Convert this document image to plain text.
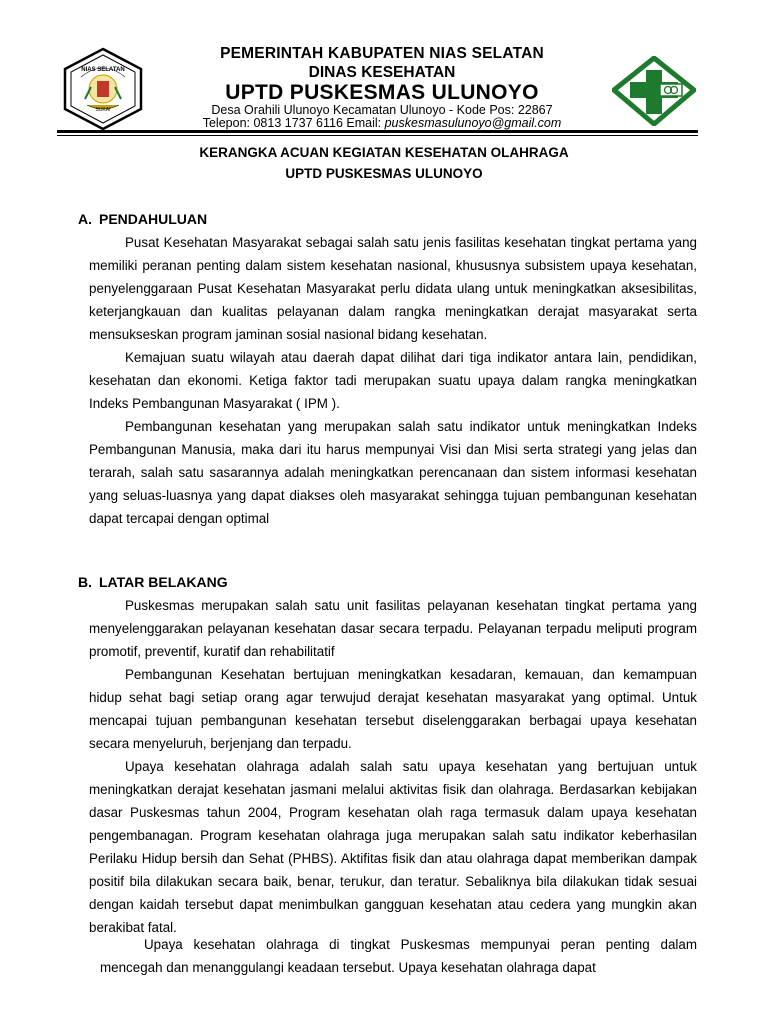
NIAS SELATAN
SUKAI
PEMERINTAH KABUPATEN NIAS SELATAN
DINAS KESEHATAN
UPTD PUSKESMAS ULUNOYO
Desa Orahili Ulunoyo Kecamatan Ulunoyo - Kode Pos: 22867
Telepon: 0813 1737 6116 Email: puskesmasulunoyo@gmail.com
KERANGKA ACUAN KEGIATAN KESEHATAN OLAHRAGA
UPTD PUSKESMAS ULUNOYO
A. PENDAHULUAN

Pusat Kesehatan Masyarakat sebagai salah satu jenis fasilitas kesehatan tingkat pertama yang memiliki peranan penting dalam sistem kesehatan nasional, khususnya subsistem upaya kesehatan, penyelenggaraan Pusat Kesehatan Masyarakat perlu didata ulang untuk meningkatkan aksesibilitas, keterjangkauan dan kualitas pelayanan dalam rangka meningkatkan derajat masyarakat serta mensukseskan program jaminan sosial nasional bidang kesehatan.

Kemajuan suatu wilayah atau daerah dapat dilihat dari tiga indikator antara lain, pendidikan, kesehatan dan ekonomi. Ketiga faktor tadi merupakan suatu upaya dalam rangka meningkatkan Indeks Pembangunan Masyarakat ( IPM ).

Pembangunan kesehatan yang merupakan salah satu indikator untuk meningkatkan Indeks Pembangunan Manusia, maka dari itu harus mempunyai Visi dan Misi serta strategi yang jelas dan terarah, salah satu sasarannya adalah meningkatkan perencanaan dan sistem informasi kesehatan yang seluas-luasnya yang dapat diakses oleh masyarakat sehingga tujuan pembangunan kesehatan dapat tercapai dengan optimal

B. LATAR BELAKANG

Puskesmas merupakan salah satu unit fasilitas pelayanan kesehatan tingkat pertama yang menyelenggarakan pelayanan kesehatan dasar secara terpadu. Pelayanan terpadu meliputi program promotif, preventif, kuratif dan rehabilitatif

Pembangunan Kesehatan bertujuan meningkatkan kesadaran, kemauan, dan kemampuan hidup sehat bagi setiap orang agar terwujud derajat kesehatan masyarakat yang optimal. Untuk mencapai tujuan pembangunan kesehatan tersebut diselenggarakan berbagai upaya kesehatan secara menyeluruh, berjenjang dan terpadu.

Upaya kesehatan olahraga adalah salah satu upaya kesehatan yang bertujuan untuk meningkatkan derajat kesehatan jasmani melalui aktivitas fisik dan olahraga. Berdasarkan kebijakan dasar Puskesmas tahun 2004, Program kesehatan olah raga termasuk dalam upaya kesehatan pengembanagan. Program kesehatan olahraga juga merupakan salah satu indikator keberhasilan Perilaku Hidup bersih dan Sehat (PHBS). Aktifitas fisik dan atau olahraga dapat memberikan dampak positif bila dilakukan secara baik, benar, terukur, dan teratur. Sebaliknya bila dilakukan tidak sesuai dengan kaidah tersebut dapat menimbulkan gangguan kesehatan atau cedera yang mungkin akan berakibat fatal.

Upaya kesehatan olahraga di tingkat Puskesmas mempunyai peran penting dalam mencegah dan menanggulangi keadaan tersebut. Upaya kesehatan olahraga dapat
